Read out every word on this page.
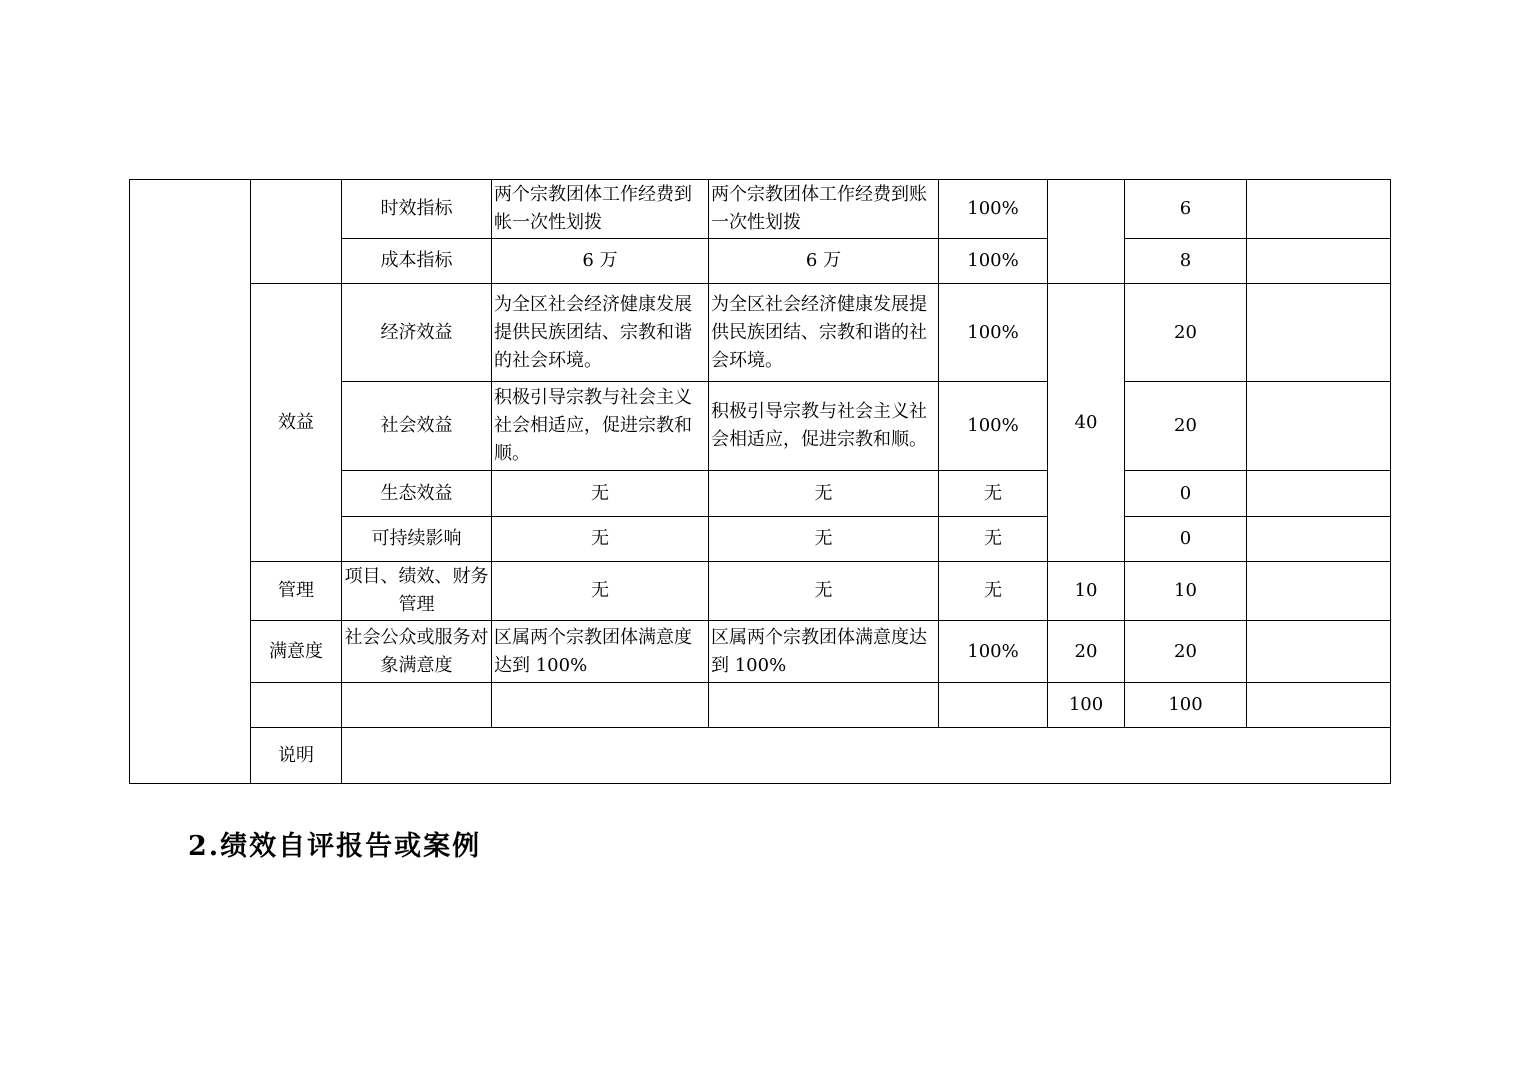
		时效指标	两个宗教团体工作经费到帐一次性划拨	两个宗教团体工作经费到账一次性划拨	100%		6	
		成本指标	6 万	6 万	100%		8	
	效益	经济效益	为全区社会经济健康发展提供民族团结、宗教和谐的社会环境。	为全区社会经济健康发展提供民族团结、宗教和谐的社会环境。	100%	40	20	
		社会效益	积极引导宗教与社会主义社会相适应，促进宗教和顺。	积极引导宗教与社会主义社会相适应，促进宗教和顺。	100%		20	
		生态效益	无	无	无		0	
		可持续影响	无	无	无		0	
	管理	项目、绩效、财务管理	无	无	无	10	10	
	满意度	社会公众或服务对象满意度	区属两个宗教团体满意度达到 100%	区属两个宗教团体满意度达到 100%	100%	20	20	
						100	100	
	说明							
2.绩效自评报告或案例
